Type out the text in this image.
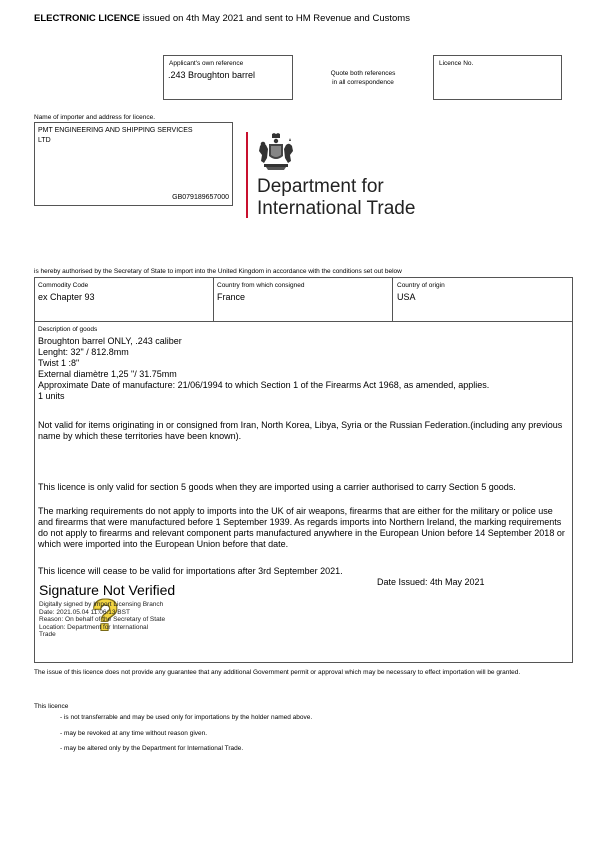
ELECTRONIC LICENCE issued on 4th May 2021 and sent to HM Revenue and Customs
Applicant's own reference
.243 Broughton barrel	Quote both references
in all correspondence
Licence No.
Name of importer and address for licence.
PMT ENGINEERING AND SHIPPING SERVICES
LTD
GB079189657000
Department for
International Trade
is hereby authorised by the Secretary of State to import into the United Kingdom in accordance with the conditions set out below
Commodity Code
ex Chapter 93
Country from which consigned
France
Country of origin
USA
Description of goods
Broughton barrel ONLY, .243 caliber
Lenght: 32" / 812.8mm
Twist 1 :8"
External diamètre 1,25 "/ 31.75mm
Approximate Date of manufacture: 21/06/1994 to which Section 1 of the Firearms Act 1968, as amended, applies.
1 units
Not valid for items originating in or consigned from Iran, North Korea, Libya, Syria or the Russian Federation.(including any previous name by which these territories have been known).
This licence is only valid for section 5 goods when they are imported using a carrier authorised to carry Section 5 goods.
The marking requirements do not apply to imports into the UK of air weapons, firearms that are either for the military or police use and firearms that were manufactured before 1 September 1939. As regards imports into Northern Ireland, the marking requirements do not apply to firearms and relevant component parts manufactured anywhere in the European Union before 14 September 2018 or which were imported into the European Union before that date.
This licence will cease to be valid for importations after 3rd September 2021.
Date Issued: 4th May 2021
?
Signature Not Verified
Digitally signed by Import Licensing Branch
Date: 2021.05.04 11:06:13 BST
Reason: On behalf of the Secretary of State
Location: Department for International
Trade
The issue of this licence does not provide any guarantee that any additional Government permit or approval which may be necessary to effect importation will be granted.
This licence
- is not transferrable and may be used only for importations by the holder named above.
- may be revoked at any time without reason given.
- may be altered only by the Department for International Trade.
